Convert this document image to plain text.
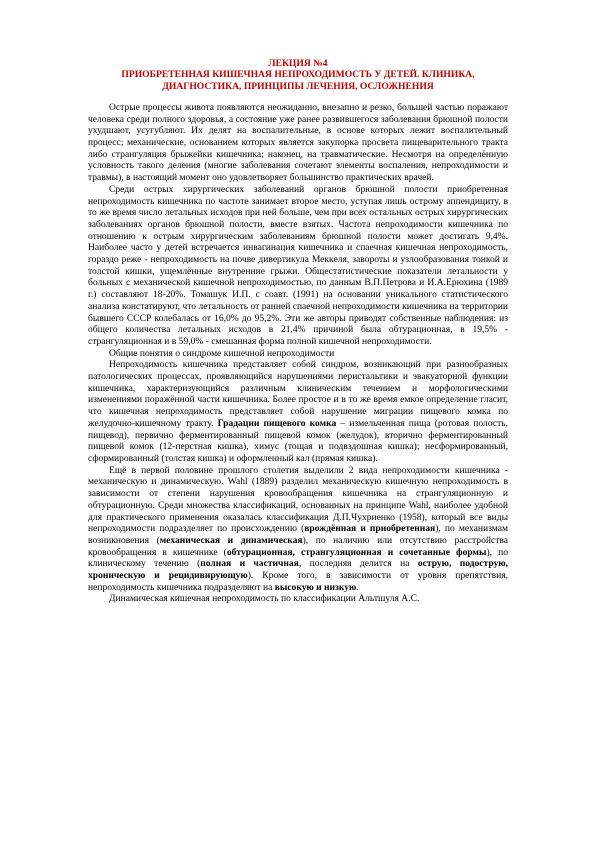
ЛЕКЦИЯ №4
ПРИОБРЕТЕННАЯ КИШЕЧНАЯ НЕПРОХОДИМОСТЬ У ДЕТЕЙ. КЛИНИКА,
ДИАГНОСТИКА, ПРИНЦИПЫ ЛЕЧЕНИЯ, ОСЛОЖНЕНИЯ

Острые процессы живота появляются неожиданно, внезапно и резко, большей частью поражают человека среди полного здоровья, а состояние уже ранее развившегося заболевания брюшной полости ухудшают, усугубляют. Их делят на воспалительные, в основе которых лежит воспалительный процесс; механические, основанием которых является закупорка просвета пищеварительного тракта либо странгуляция брыжейки кишечника; наконец, на травматические. Несмотря на определённую условность такого деления (многие заболевания сочетают элементы воспаления, непроходимости и травмы), в настоящий момент оно удовлетворяет большинство практических врачей.

Среди острых хирургических заболеваний органов брюшной полости приобретенная непроходимость кишечника по частоте занимает второе место, уступая лишь острому аппендициту, в то же время число летальных исходов при ней больше, чем при всех остальных острых хирургических заболеваниях органов брюшной полости, вместе взятых. Частота непроходимости кишечника по отношению к острым хирургическим заболеваниям брюшной полости может достигать 9,4%. Наиболее часто у детей встречается инвагинация кишечника и спаечная кишечная непроходимость, гораздо реже - непроходимость на почве дивертикула Меккеля, завороты и узлообразования тонкой и толстой кишки, ущемлённые внутренние грыжи. Общестатистические показатели летальности у больных с механической кишечной непроходимостью, по данным В.П.Петрова и И.А.Ерюхина (1989 г.) составляют 18-20%. Томашук И.П. с соавт. (1991) на основании уникального статистического анализа констатируют, что летальность от ранней спаечной непроходимости кишечника на территории бывшего СССР колебалась от 16,0% до 95,2%. Эти же авторы приводят собственные наблюдения: из общего количества летальных исходов в 21,4% причиной была обтурационная, в 19,5% - странгуляционная и в 59,0% - смешанная форма полной кишечной непроходимости.

Общие понятия о синдроме кишечной непроходимости

Непроходимость кишечника представляет собой синдром, возникающий при разнообразных патологических процессах, проявляющийся нарушениями перистальтики и эвакуаторной функции кишечника, характеризующийся различным клиническим течением и морфологическими изменениями поражённой части кишечника. Более простое и в то же время емкое определение гласит, что кишечная непроходимость представляет собой нарушение миграции пищевого комка по желудочно-кишечному тракту. Градации пищевого комка – измельченная пища (ротовая полость, пищевод), первично ферментированный пищевой комок (желудок), вторично ферментированный пищевой комок (12-перстная кишка), химус (тощая и подвздошная кишка); несформированный, сформированный (толстая кишка) и оформленный кал (прямая кишка).

Ещё в первой половине прошлого столетия выделили 2 вида непроходимости кишечника - механическую и динамическую. Wahl (1889) разделил механическую кишечную непроходимость в зависимости от степени нарушения кровообращения кишечника на странгуляционную и обтурационную. Среди множества классификаций, основанных на принципе Wahl, наиболее удобной для практического применения оказалась классификация Д.П.Чухриенко (1958), который все виды непроходимости подразделяет по происхождению (врождённая и приобретенная), по механизмам возникновения (механическая и динамическая), по наличию или отсутствию расстройства кровообращения в кишечнике (обтурационная, странгуляционная и сочетанные формы), по клиническому течению (полная и частичная, последняя делится на острую, подострую, хроническую и рецидивирующую). Кроме того, в зависимости от уровня препятствия, непроходимость кишечника подразделяют на высокую и низкую.

Динамическая кишечная непроходимость по классификации Альтшуля А.С.
